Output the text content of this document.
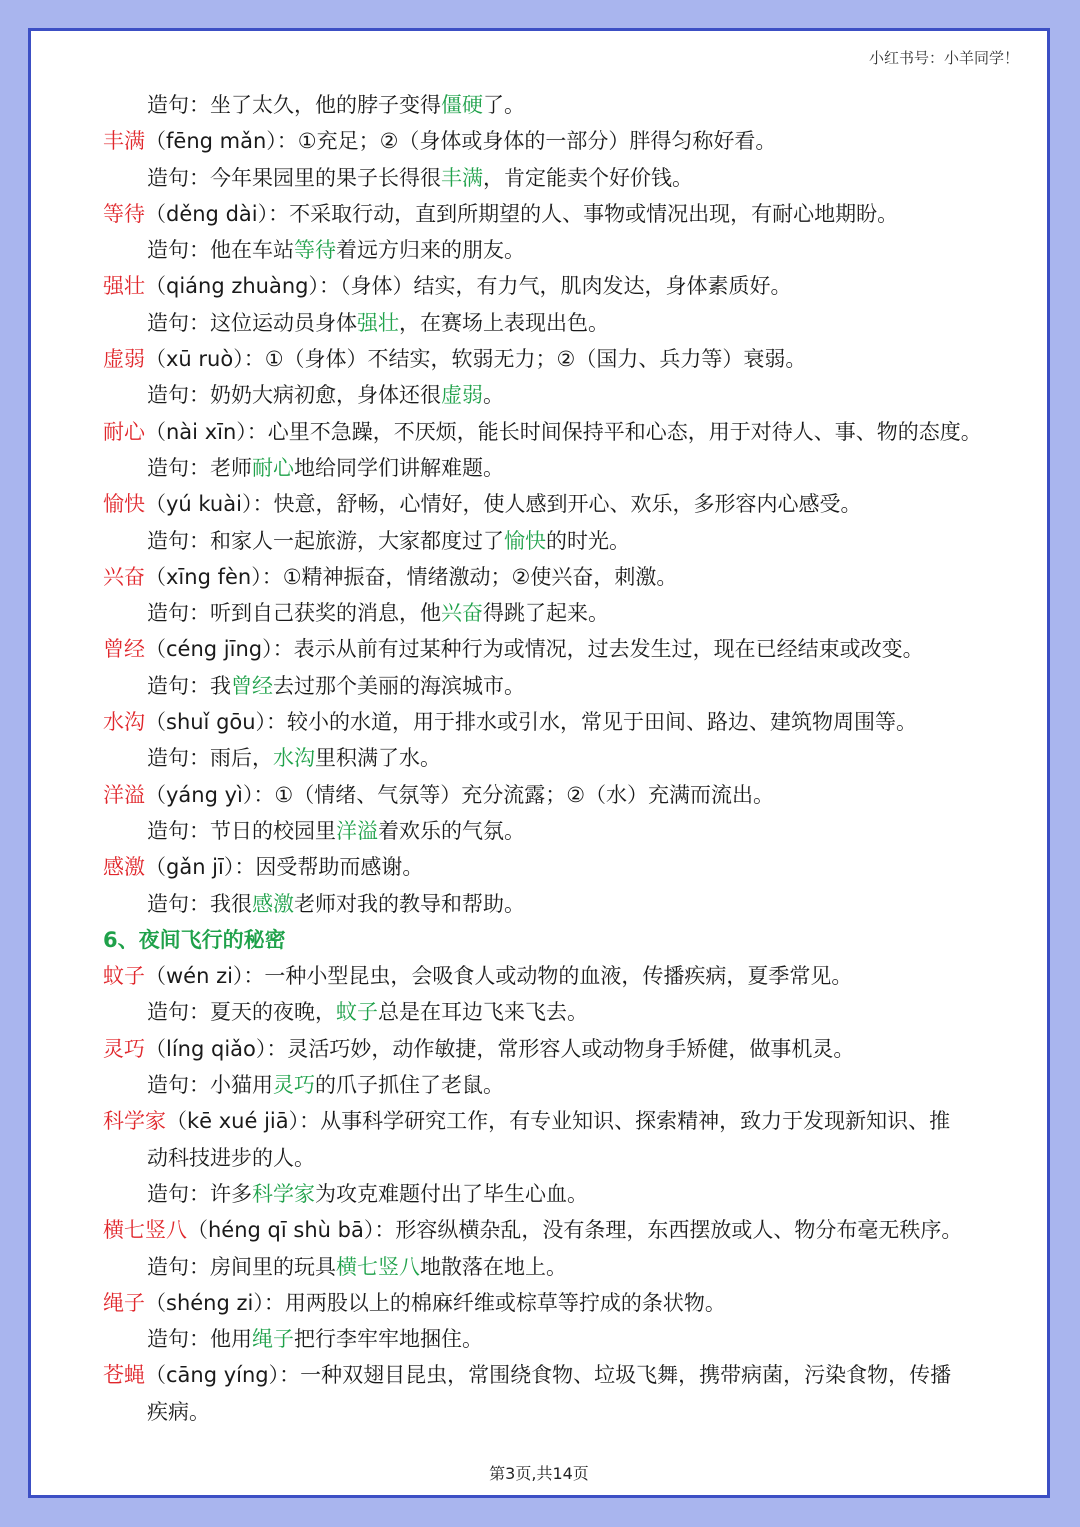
小红书号：小羊同学！
造句：坐了太久，他的脖子变得僵硬了。
丰满（fēng mǎn）：①充足；②（身体或身体的一部分）胖得匀称好看。
造句：今年果园里的果子长得很丰满，肯定能卖个好价钱。
等待（děng dài）：不采取行动，直到所期望的人、事物或情况出现，有耐心地期盼。
造句：他在车站等待着远方归来的朋友。
强壮（qiáng zhuàng）：（身体）结实，有力气，肌肉发达，身体素质好。
造句：这位运动员身体强壮，在赛场上表现出色。
虚弱（xū ruò）：①（身体）不结实，软弱无力；②（国力、兵力等）衰弱。
造句：奶奶大病初愈，身体还很虚弱。
耐心（nài xīn）：心里不急躁，不厌烦，能长时间保持平和心态，用于对待人、事、物的态度。
造句：老师耐心地给同学们讲解难题。
愉快（yú kuài）：快意，舒畅，心情好，使人感到开心、欢乐，多形容内心感受。
造句：和家人一起旅游，大家都度过了愉快的时光。
兴奋（xīng fèn）：①精神振奋，情绪激动；②使兴奋，刺激。
造句：听到自己获奖的消息，他兴奋得跳了起来。
曾经（céng jīng）：表示从前有过某种行为或情况，过去发生过，现在已经结束或改变。
造句：我曾经去过那个美丽的海滨城市。
水沟（shuǐ gōu）：较小的水道，用于排水或引水，常见于田间、路边、建筑物周围等。
造句：雨后，水沟里积满了水。
洋溢（yáng yì）：①（情绪、气氛等）充分流露；②（水）充满而流出。
造句：节日的校园里洋溢着欢乐的气氛。
感激（gǎn jī）：因受帮助而感谢。
造句：我很感激老师对我的教导和帮助。
6、夜间飞行的秘密
蚊子（wén zi）：一种小型昆虫，会吸食人或动物的血液，传播疾病，夏季常见。
造句：夏天的夜晚，蚊子总是在耳边飞来飞去。
灵巧（líng qiǎo）：灵活巧妙，动作敏捷，常形容人或动物身手矫健，做事机灵。
造句：小猫用灵巧的爪子抓住了老鼠。
科学家（kē xué jiā）：从事科学研究工作，有专业知识、探索精神，致力于发现新知识、推
动科技进步的人。
造句：许多科学家为攻克难题付出了毕生心血。
横七竖八（héng qī shù bā）：形容纵横杂乱，没有条理，东西摆放或人、物分布毫无秩序。
造句：房间里的玩具横七竖八地散落在地上。
绳子（shéng zi）：用两股以上的棉麻纤维或棕草等拧成的条状物。
造句：他用绳子把行李牢牢地捆住。
苍蝇（cāng yíng）：一种双翅目昆虫，常围绕食物、垃圾飞舞，携带病菌，污染食物，传播
疾病。
第3页,共14页
